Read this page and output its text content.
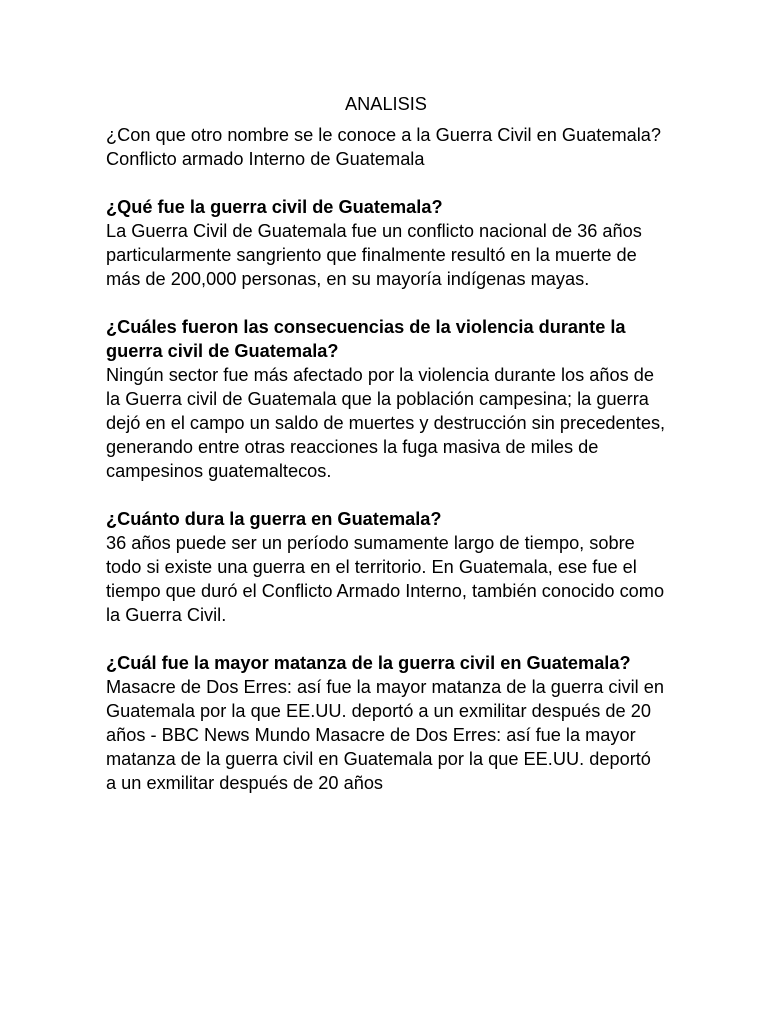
ANALISIS

¿Con que otro nombre se le conoce a la Guerra Civil en Guatemala?

Conflicto armado Interno de Guatemala

¿Qué fue la guerra civil de Guatemala?

La Guerra Civil de Guatemala fue un conflicto nacional de 36 años particularmente sangriento que finalmente resultó en la muerte de más de 200,000 personas, en su mayoría indígenas mayas.

¿Cuáles fueron las consecuencias de la violencia durante la guerra civil de Guatemala?

Ningún sector fue más afectado por la violencia durante los años de la Guerra civil de Guatemala que la población campesina; la guerra dejó en el campo un saldo de muertes y destrucción sin precedentes, generando entre otras reacciones la fuga masiva de miles de campesinos guatemaltecos.

¿Cuánto dura la guerra en Guatemala?

36 años puede ser un período sumamente largo de tiempo, sobre todo si existe una guerra en el territorio. En Guatemala, ese fue el tiempo que duró el Conflicto Armado Interno, también conocido como la Guerra Civil.

¿Cuál fue la mayor matanza de la guerra civil en Guatemala?

Masacre de Dos Erres: así fue la mayor matanza de la guerra civil en Guatemala por la que EE.UU. deportó a un exmilitar después de 20 años - BBC News Mundo Masacre de Dos Erres: así fue la mayor matanza de la guerra civil en Guatemala por la que EE.UU. deportó a un exmilitar después de 20 años
